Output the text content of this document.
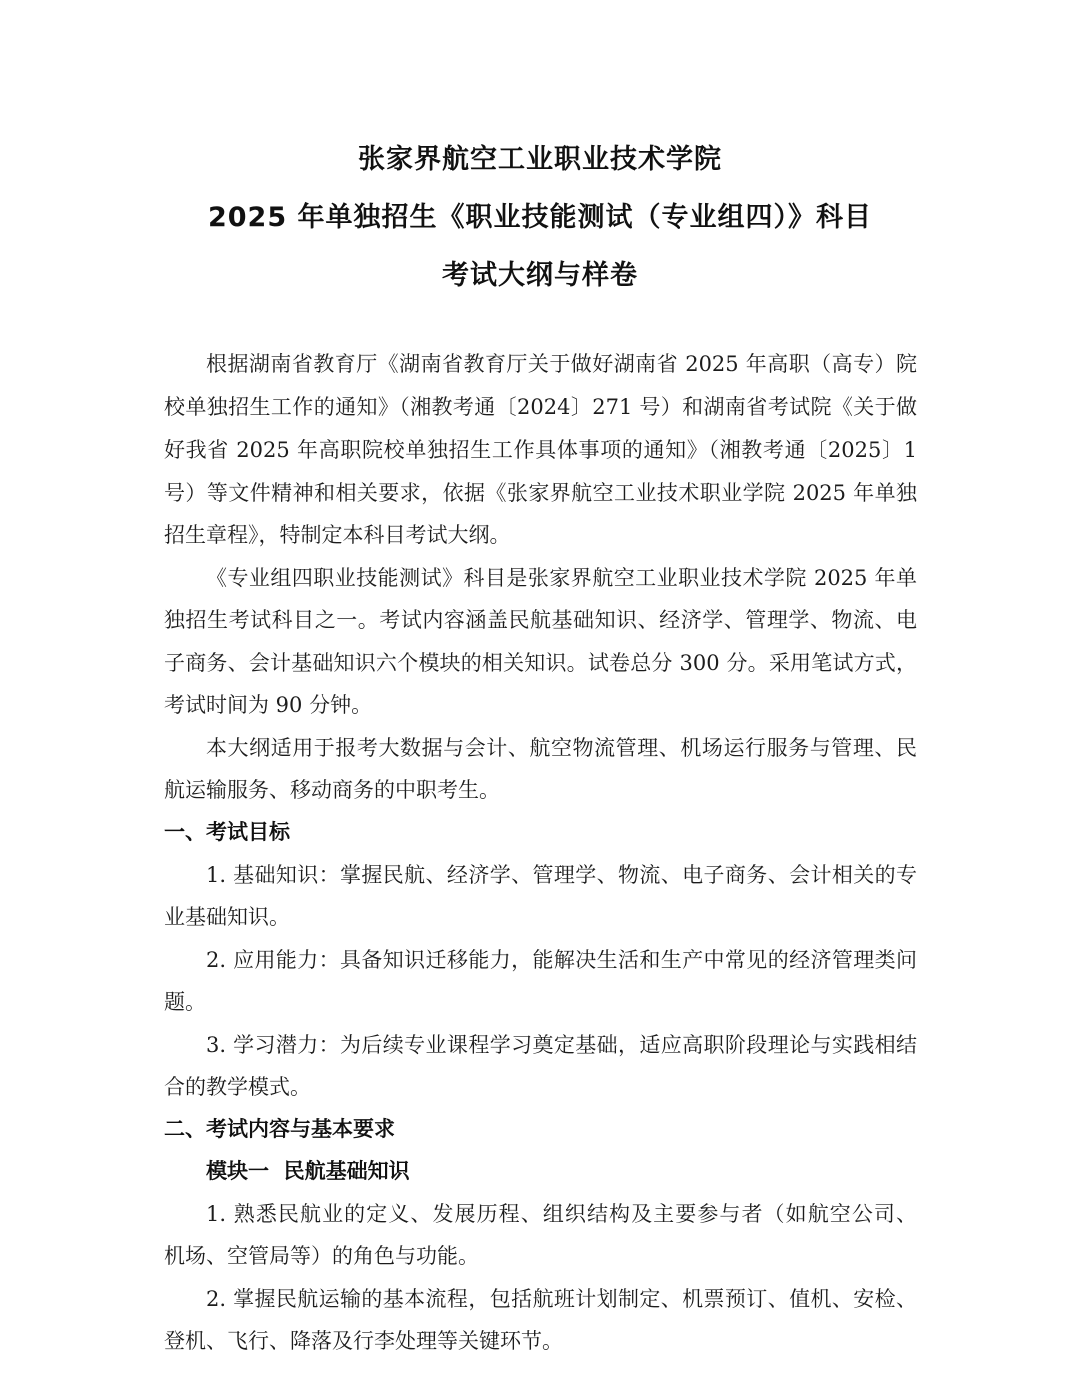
张家界航空工业职业技术学院
2025 年单独招生《职业技能测试（专业组四）》科目
考试大纲与样卷
根据湖南省教育厅《湖南省教育厅关于做好湖南省 2025 年高职（高专）院
校单独招生工作的通知》（湘教考通〔2024〕271 号）和湖南省考试院《关于做
好我省 2025 年高职院校单独招生工作具体事项的通知》（湘教考通〔2025〕1
号）等文件精神和相关要求，依据《张家界航空工业技术职业学院 2025 年单独
招生章程》，特制定本科目考试大纲。
《专业组四职业技能测试》科目是张家界航空工业职业技术学院 2025 年单
独招生考试科目之一。考试内容涵盖民航基础知识、经济学、管理学、物流、电
子商务、会计基础知识六个模块的相关知识。试卷总分 300 分。采用笔试方式，
考试时间为 90 分钟。
本大纲适用于报考大数据与会计、航空物流管理、机场运行服务与管理、民
航运输服务、移动商务的中职考生。
一、考试目标
1. 基础知识：掌握民航、经济学、管理学、物流、电子商务、会计相关的专
业基础知识。
2. 应用能力：具备知识迁移能力，能解决生活和生产中常见的经济管理类问
题。
3. 学习潜力：为后续专业课程学习奠定基础，适应高职阶段理论与实践相结
合的教学模式。
二、考试内容与基本要求
模块一  民航基础知识
1. 熟悉民航业的定义、发展历程、组织结构及主要参与者（如航空公司、
机场、空管局等）的角色与功能。
2. 掌握民航运输的基本流程，包括航班计划制定、机票预订、值机、安检、
登机、飞行、降落及行李处理等关键环节。
